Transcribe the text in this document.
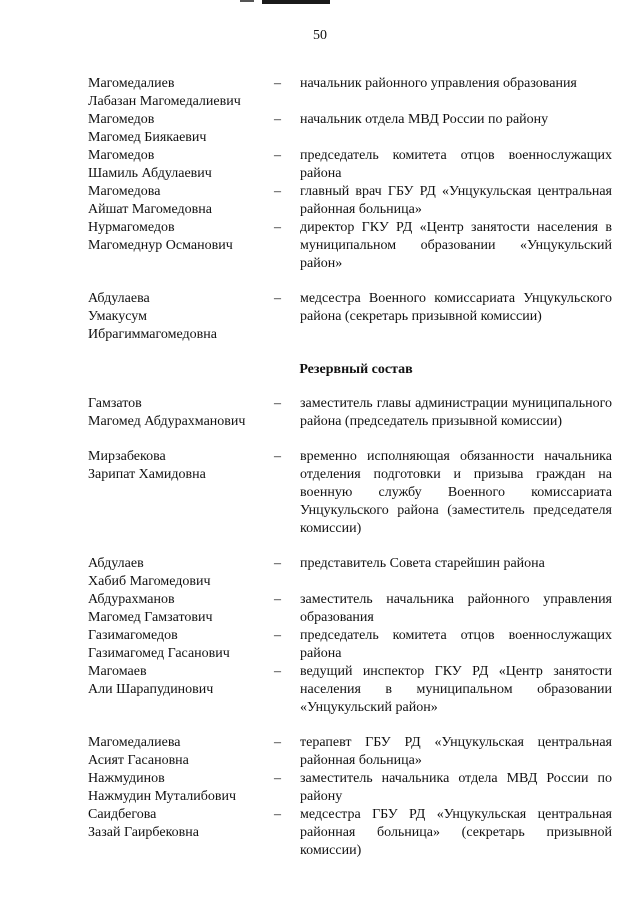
50
Магомедалиев
Лабазан Магомедалиевич
–	начальник районного управления образования
Магомедов
Магомед Биякаевич
–	начальник отдела МВД России по району
Магомедов
Шамиль Абдулаевич
–	председатель комитета отцов военнослужащих района
Магомедова
Айшат Магомедовна
–	главный врач ГБУ РД «Унцукульская центральная районная больница»
Нурмагомедов
Магомеднур Османович
–	директор ГКУ РД «Центр занятости населения в муниципальном образовании «Унцукульский район»
Абдулаева
Умакусум Ибрагиммагомедовна
–	медсестра Военного комиссариата Унцукульского района (секретарь призывной комиссии)
Резервный состав
Гамзатов
Магомед Абдурахманович
–	заместитель главы администрации муниципального района (председатель призывной комиссии)
Мирзабекова
Зарипат Хамидовна
–	временно исполняющая обязанности начальника отделения подготовки и призыва граждан на военную службу Военного комиссариата Унцукульского района (заместитель председателя комиссии)
Абдулаев
Хабиб Магомедович
–	представитель Совета старейшин района
Абдурахманов
Магомед Гамзатович
–	заместитель начальника районного управления образования
Газимагомедов
Газимагомед Гасанович
–	председатель комитета отцов военнослужащих района
Магомаев
Али Шарапудинович
–	ведущий инспектор ГКУ РД «Центр занятости населения в муниципальном образовании «Унцукульский район»
Магомедалиева
Асият Гасановна
–	терапевт ГБУ РД «Унцукульская центральная районная больница»
Нажмудинов
Нажмудин Муталибович
–	заместитель начальника отдела МВД России по району
Саидбегова
Зазай Гаирбековна
–	медсестра ГБУ РД «Унцукульская центральная районная больница» (секретарь призывной комиссии)
